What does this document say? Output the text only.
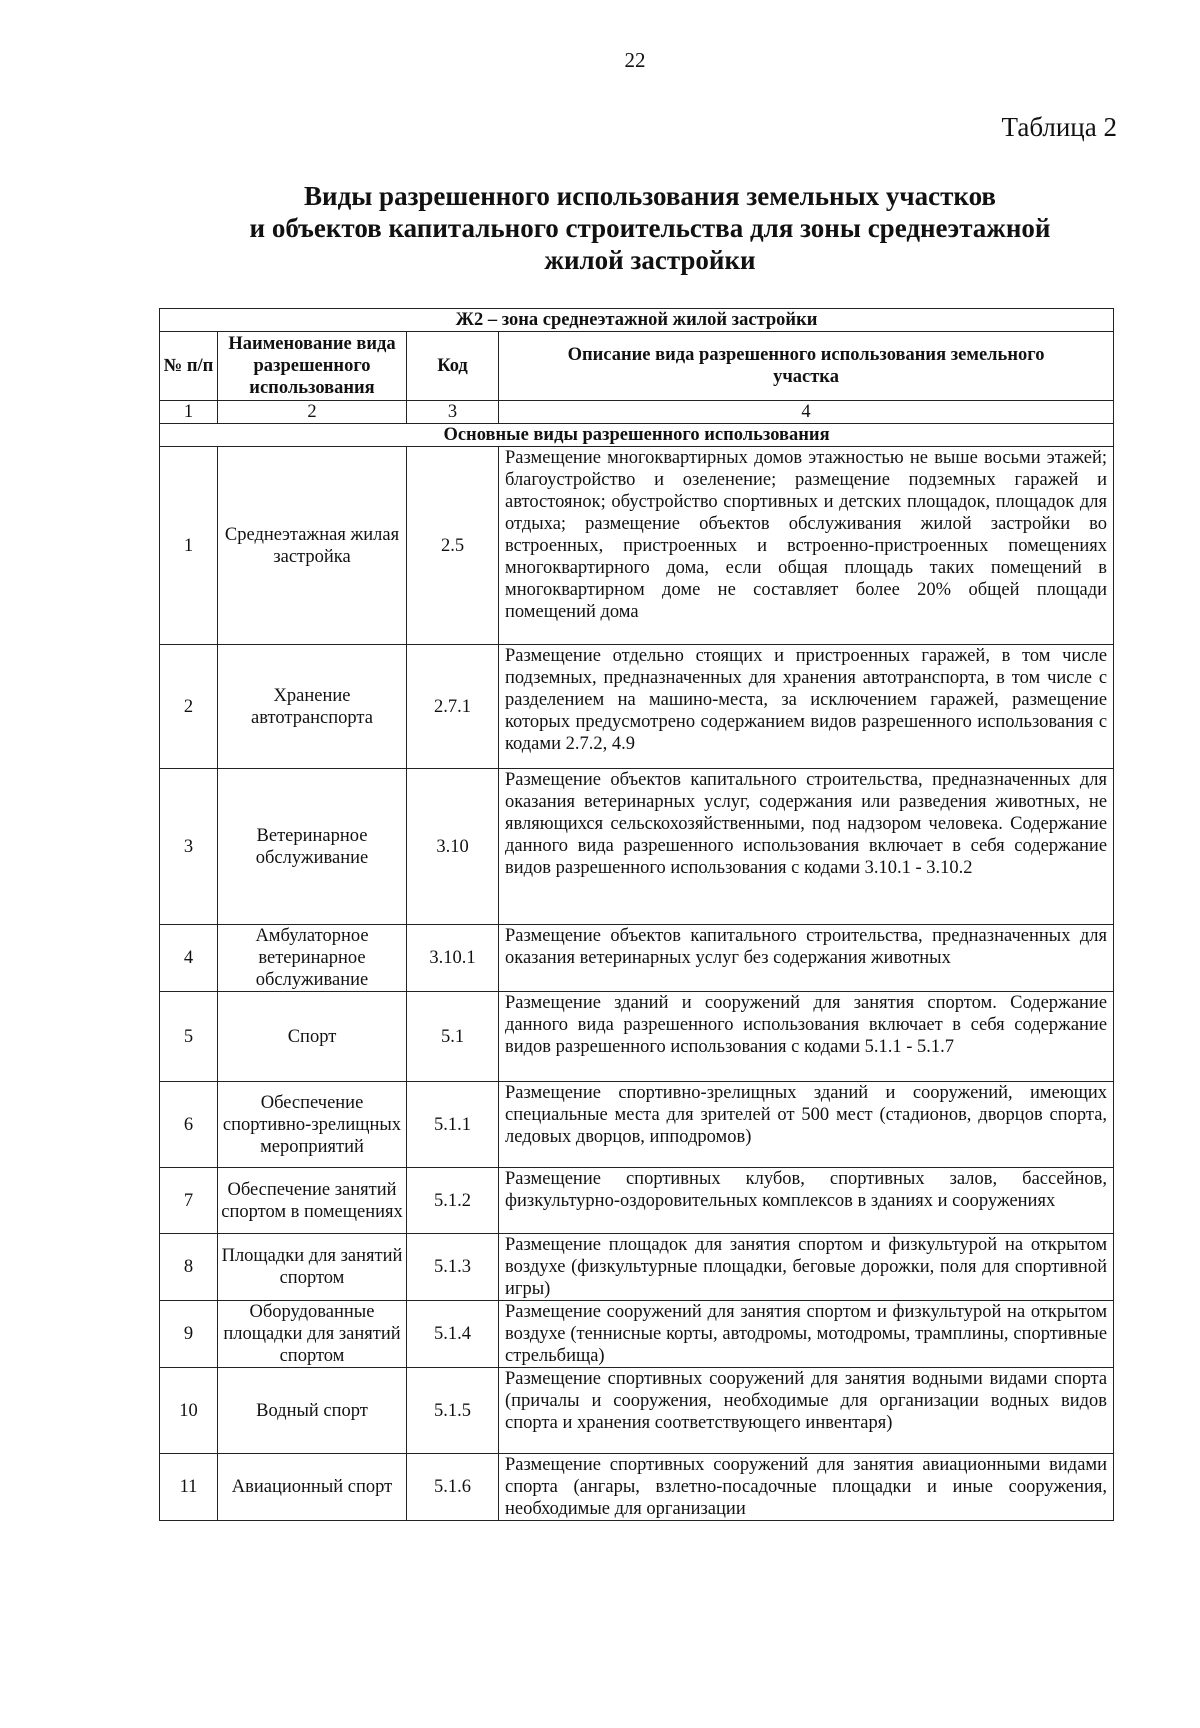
22
Таблица 2
Виды разрешенного использования земельных участков
и объектов капитального строительства для зоны среднеэтажной
жилой застройки
Ж2 – зона среднеэтажной жилой застройки			
№ п/п	Наименование вида разрешенного использования	Код	Описание вида разрешенного использования земельного участка
1	2	3	4
Основные виды разрешенного использования			
1	Среднеэтажная жилая застройка	2.5	Размещение многоквартирных домов этажностью не выше восьми этажей; благоустройство и озеленение; размещение подземных гаражей и автостоянок; обустройство спортивных и детских площадок, площадок для отдыха; размещение объектов обслуживания жилой застройки во встроенных, пристроенных и встроенно-пристроенных помещениях многоквартирного дома, если общая площадь таких помещений в многоквартирном доме не составляет более 20% общей площади помещений дома
2	Хранение автотранспорта	2.7.1	Размещение отдельно стоящих и пристроенных гаражей, в том числе подземных, предназначенных для хранения автотранспорта, в том числе с разделением на машино-места, за исключением гаражей, размещение которых предусмотрено содержанием видов разрешенного использования с кодами 2.7.2, 4.9
3	Ветеринарное обслуживание	3.10	Размещение объектов капитального строительства, предназначенных для оказания ветеринарных услуг, содержания или разведения животных, не являющихся сельскохозяйственными, под надзором человека. Содержание данного вида разрешенного использования включает в себя содержание видов разрешенного использования с кодами 3.10.1 - 3.10.2
4	Амбулаторное ветеринарное обслуживание	3.10.1	Размещение объектов капитального строительства, предназначенных для оказания ветеринарных услуг без содержания животных
5	Спорт	5.1	Размещение зданий и сооружений для занятия спортом. Содержание данного вида разрешенного использования включает в себя содержание видов разрешенного использования с кодами 5.1.1 - 5.1.7
6	Обеспечение спортивно-зрелищных мероприятий	5.1.1	Размещение спортивно-зрелищных зданий и сооружений, имеющих специальные места для зрителей от 500 мест (стадионов, дворцов спорта, ледовых дворцов, ипподромов)
7	Обеспечение занятий спортом в помещениях	5.1.2	Размещение спортивных клубов, спортивных залов, бассейнов, физкультурно-оздоровительных комплексов в зданиях и сооружениях
8	Площадки для занятий спортом	5.1.3	Размещение площадок для занятия спортом и физкультурой на открытом воздухе (физкультурные площадки, беговые дорожки, поля для спортивной игры)
9	Оборудованные площадки для занятий спортом	5.1.4	Размещение сооружений для занятия спортом и физкультурой на открытом воздухе (теннисные корты, автодромы, мотодромы, трамплины, спортивные стрельбища)
10	Водный спорт	5.1.5	Размещение спортивных сооружений для занятия водными видами спорта (причалы и сооружения, необходимые для организации водных видов спорта и хранения соответствующего инвентаря)
11	Авиационный спорт	5.1.6	Размещение спортивных сооружений для занятия авиационными видами спорта (ангары, взлетно-посадочные площадки и иные сооружения, необходимые для организации
